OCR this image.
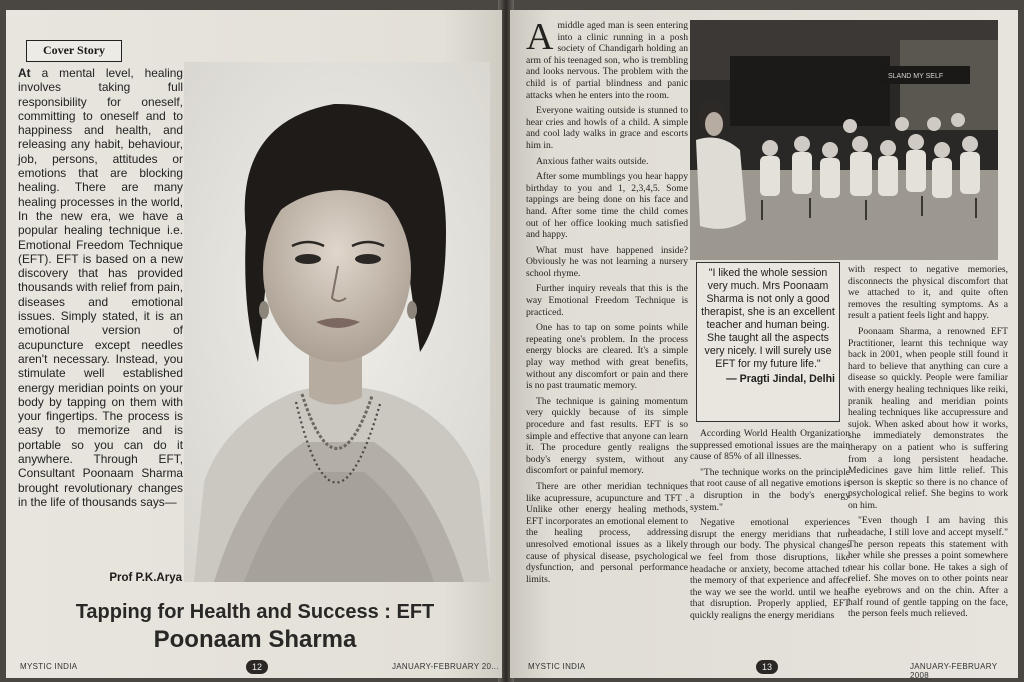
Cover Story
At a mental level, healing involves taking full responsibility for oneself, committing to oneself and to happiness and health, and releasing any habit, behaviour, job, persons, attitudes or emotions that are blocking healing. There are many healing processes in the world, In the new era, we have a popular healing technique i.e. Emotional Freedom Technique (EFT). EFT is based on a new discovery that has provided thousands with relief from pain, diseases and emotional issues. Simply stated, it is an emotional version of acupuncture except needles aren't necessary. Instead, you stimulate well established energy meridian points on your body by tapping on them with your fingertips. The process is easy to memorize and is portable so you can do it anywhere. Through EFT, Consultant Poonaam Sharma brought revolutionary changes in the life of thousands says—
Prof P.K.Arya
Tapping for Health and Success : EFT
Poonaam Sharma
MYSTIC INDIA	12	JANUARY-FEBRUARY 20...

A middle aged man is seen entering into a clinic running in a posh society of Chandigarh holding an arm of his teenaged son, who is trembling and looks nervous. The problem with the child is of partial blindness and panic attacks when he enters into the room.

Everyone waiting outside is stunned to hear cries and howls of a child. A simple and cool lady walks in grace and escorts him in.

Anxious father waits outside.

After some mumblings you hear happy birthday to you and 1, 2,3,4,5. Some tappings are being done on his face and hand. After some time the child comes out of her office looking much satisfied and happy.

What must have happened inside? Obviously he was not learning a nursery school rhyme.

Further inquiry reveals that this is the way Emotional Freedom Technique is practiced.

One has to tap on some points while repeating one's problem. In the process energy blocks are cleared. It's a simple play way method with great benefits, without any discomfort or pain and there is no past traumatic memory.

The technique is gaining momentum very quickly because of its simple procedure and fast results. EFT is so simple and effective that anyone can learn it. The procedure gently realigns the body's energy system, without any discomfort or painful memory.

There are other meridian techniques like acupressure, acupuncture and TFT . Unlike other energy healing methods, EFT incorporates an emotional element to the healing process, addressing unresolved emotional issues as a likely cause of physical disease, psychological dysfunction, and personal performance limits.

SLAND MY SELF
"I liked the whole session very much. Mrs Poonaam Sharma is not only a good therapist, she is an excellent teacher and human being. She taught all the aspects very nicely. I will surely use EFT for my future life."
— Pragti Jindal, Delhi

According World Health Organization suppressed emotional issues are the main cause of 85% of all illnesses.

"The technique works on the principle that root cause of all negative emotions is a disruption in the body's energy system."

Negative emotional experiences disrupt the energy meridians that run through our body. The physical changes we feel from those disruptions, like headache or anxiety, become attached to the memory of that experience and affect the way we see the world. until we heal that disruption. Properly applied, EFT quickly realigns the energy meridians

with respect to negative memories, disconnects the physical discomfort that we attached to it, and quite often removes the resulting symptoms. As a result a patient feels light and happy.

Poonaam Sharma, a renowned EFT Practitioner, learnt this technique way back in 2001, when people still found it hard to believe that anything can cure a disease so quickly. People were familiar with energy healing techniques like reiki, pranik healing and meridian points healing techniques like accupressure and sujok. When asked about how it works, she immediately demonstrates the therapy on a patient who is suffering from a long persistent headache. Medicines gave him little relief. This person is skeptic so there is no chance of psychological relief. She begins to work on him.

"Even though I am having this headache, I still love and accept myself." The person repeats this statement with her while she presses a point somewhere near his collar bone. He takes a sigh of relief. She moves on to other points near the eyebrows and on the chin. After a half round of gentle tapping on the face, the person feels much relieved.

MYSTIC INDIA	13	JANUARY-FEBRUARY 2008
